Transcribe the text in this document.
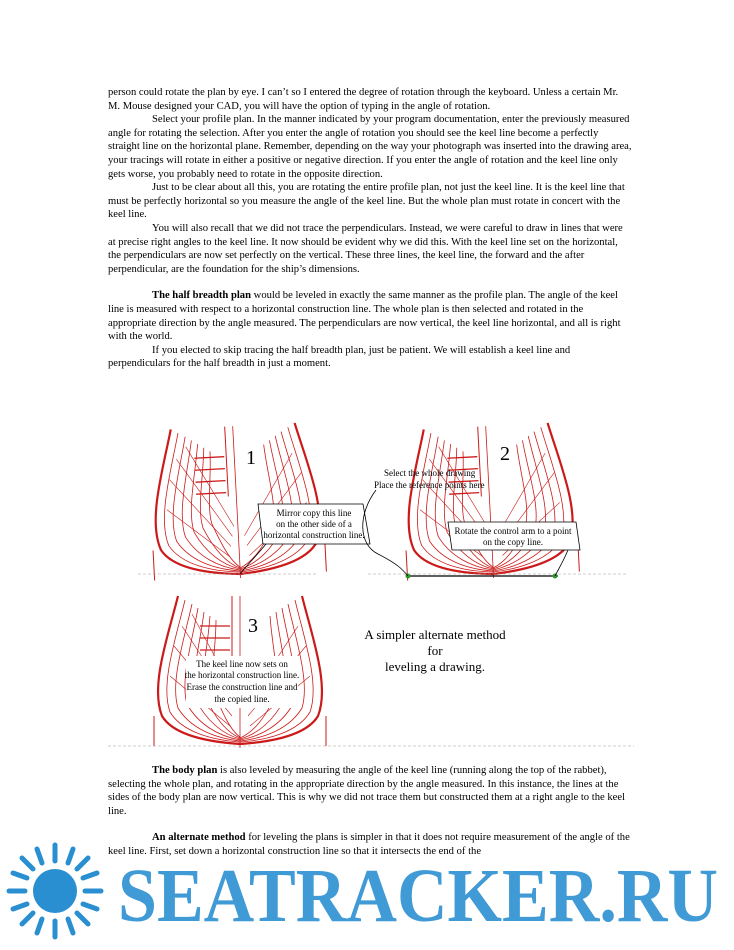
person could rotate the plan by eye. I can’t so I entered the degree of rotation through the keyboard. Unless a certain Mr. M. Mouse designed your CAD, you will have the option of typing in the angle of rotation.

Select your profile plan. In the manner indicated by your program documentation, enter the previously measured angle for rotating the selection. After you enter the angle of rotation you should see the keel line become a perfectly straight line on the horizontal plane. Remember, depending on the way your photograph was inserted into the drawing area, your tracings will rotate in either a positive or negative direction. If you enter the angle of rotation and the keel line only gets worse, you probably need to rotate in the opposite direction.

Just to be clear about all this, you are rotating the entire profile plan, not just the keel line. It is the keel line that must be perfectly horizontal so you measure the angle of the keel line. But the whole plan must rotate in concert with the keel line.

You will also recall that we did not trace the perpendiculars. Instead, we were careful to draw in lines that were at precise right angles to the keel line. It now should be evident why we did this. With the keel line set on the horizontal, the perpendiculars are now set perfectly on the vertical. These three lines, the keel line, the forward and the after perpendicular, are the foundation for the ship’s dimensions.

The half breadth plan would be leveled in exactly the same manner as the profile plan. The angle of the keel line is measured with respect to a horizontal construction line. The whole plan is then selected and rotated in the appropriate direction by the angle measured. The perpendiculars are now vertical, the keel line horizontal, and all is right with the world.

If you elected to skip tracing the half breadth plan, just be patient. We will establish a keel line and perpendiculars for the half breadth in just a moment.

1
Mirror copy this line
on the other side of a
horizontal construction line.
2
Select the whole drawing
Place the reference points here
Rotate the control arm to a point
on the copy line.
3
The keel line now sets on
the horizontal construction line.
Erase the construction line and
the copied line.
A simpler alternate method
for
leveling a drawing.

The body plan is also leveled by measuring the angle of the keel line (running along the top of the rabbet), selecting the whole plan, and rotating in the appropriate direction by the angle measured. In this instance, the lines at the sides of the body plan are now vertical. This is why we did not trace them but constructed them at a right angle to the keel line.

An alternate method for leveling the plans is simpler in that it does not require measurement of the angle of the keel line. First, set down a horizontal construction line so that it intersects the end of the

SEATRACKER.RU
